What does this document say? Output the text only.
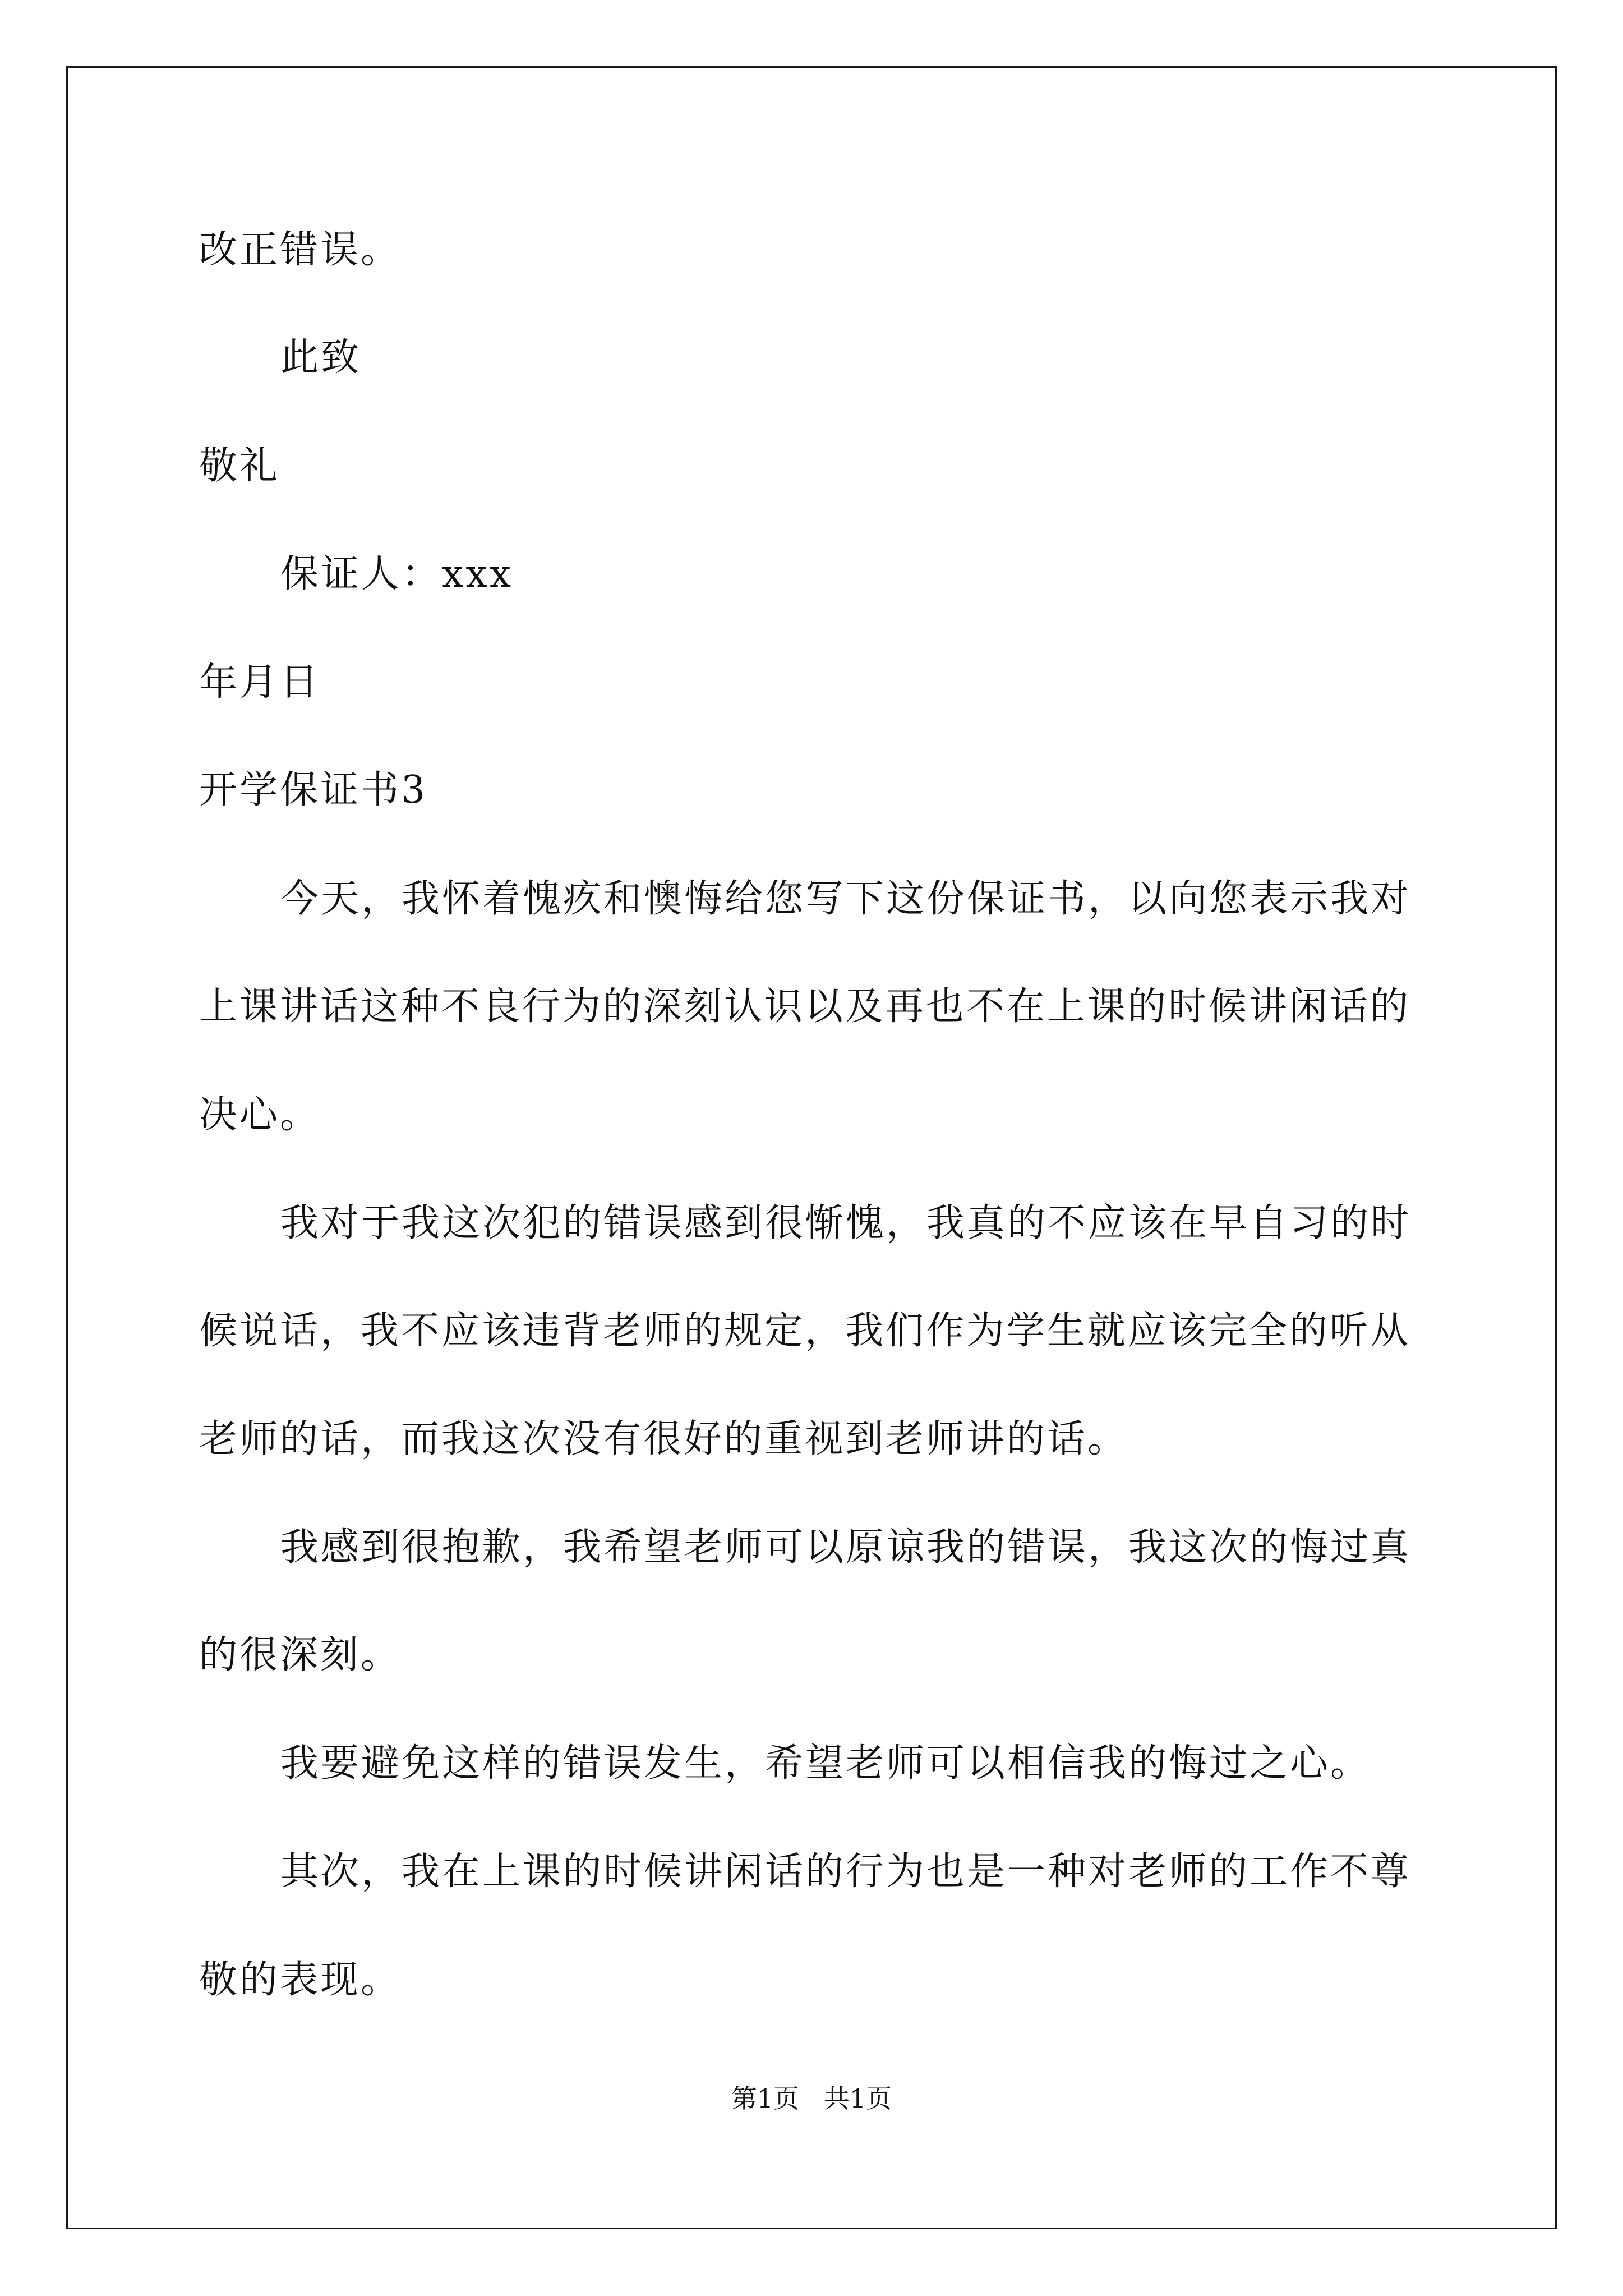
改正错误。
此致
敬礼
保证人：xxx
年月日
开学保证书3
今天，我怀着愧疚和懊悔给您写下这份保证书，以向您表示我对
上课讲话这种不良行为的深刻认识以及再也不在上课的时候讲闲话的
决心。
我对于我这次犯的错误感到很惭愧，我真的不应该在早自习的时
候说话，我不应该违背老师的规定，我们作为学生就应该完全的听从
老师的话，而我这次没有很好的重视到老师讲的话。
我感到很抱歉，我希望老师可以原谅我的错误，我这次的悔过真
的很深刻。
我要避免这样的错误发生，希望老师可以相信我的悔过之心。
其次，我在上课的时候讲闲话的行为也是一种对老师的工作不尊
敬的表现。
第1页   共1页
